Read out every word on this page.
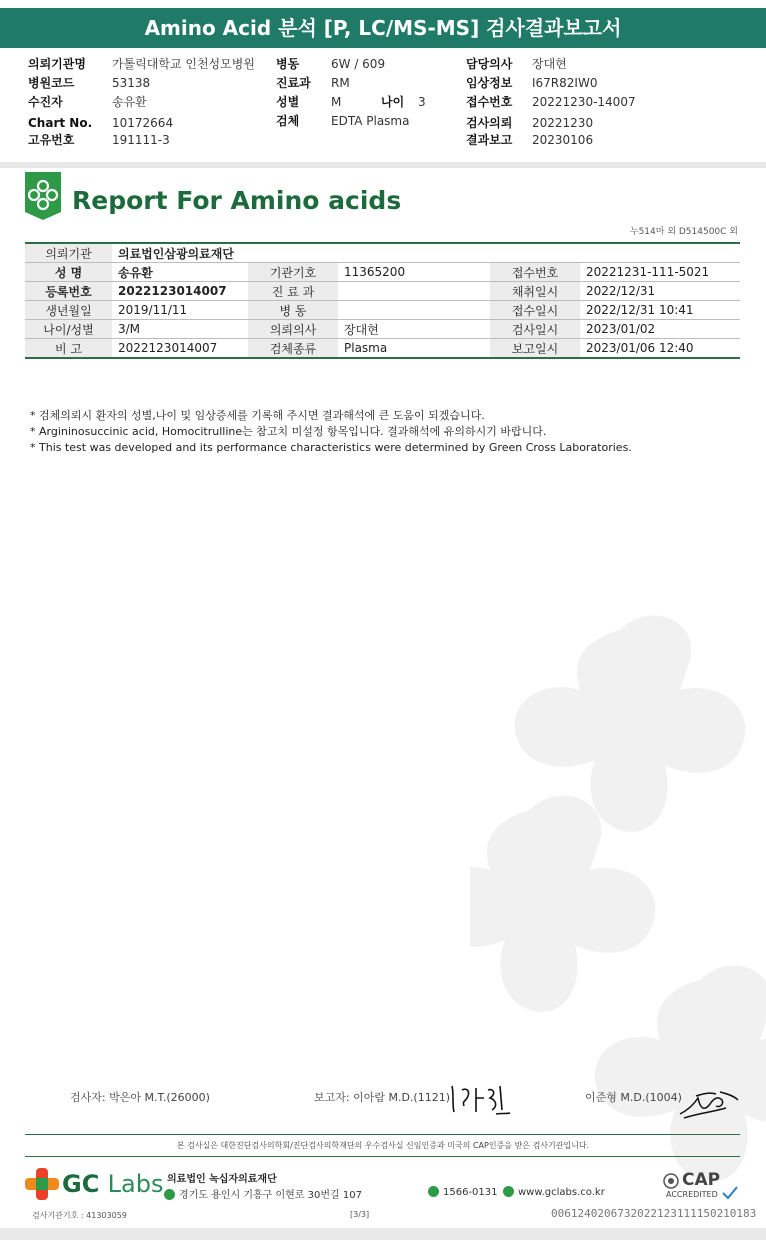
Amino Acid 분석 [P, LC/MS-MS] 검사결과보고서
의뢰기관명 가톨릭대학교 인천성모병원
병원코드	53138
수진자	송유환
Chart No. 10172664
고유번호	191111-3
병동	6W / 609
진료과 RM
성별	M	나이 3
검체	EDTA Plasma
담당의사 장대현
임상정보 I67R82IW0
접수번호 20221230-14007
검사의뢰 20221230
결과보고 20230106
Report For Amino acids
누514마 외 D514500C 외
의뢰기관	의료법인삼광의료재단				
성 명	송유환	기관기호	11365200	접수번호	20221231-111-5021
등록번호	2022123014007	진 료 과		채취일시	2022/12/31
생년월일	2019/11/11	병 동		접수일시	2022/12/31 10:41
나이/성별	3/M	의뢰의사	장대현	검사일시	2023/01/02
비 고	2022123014007	검체종류	Plasma	보고일시	2023/01/06 12:40
* 검체의뢰시 환자의 성별,나이 및 임상증세를 기록해 주시면 결과해석에 큰 도움이 되겠습니다.
* Argininosuccinic acid, Homocitrulline는 참고치 미설정 항목입니다. 결과해석에 유의하시기 바랍니다.
* This test was developed and its performance characteristics were determined by Green Cross Laboratories.
검사자: 박은아 M.T.(26000)	보고자: 이아람 M.D.(1121)	이준형 M.D.(1004)
본 검사실은 대한진단검사의학회/진단검사의학재단의 우수검사실 신임인증과 미국의 CAP인증을 받은 검사기관입니다.
GC Labs 의료법인 녹십자의료재단
경기도 용인시 기흥구 이현로 30번길 107	1566-0131	www.gclabs.co.kr
CAP
ACCREDITED
검사기관기호 : 41303059	[3/3]	00612402067320221231111502101​83
